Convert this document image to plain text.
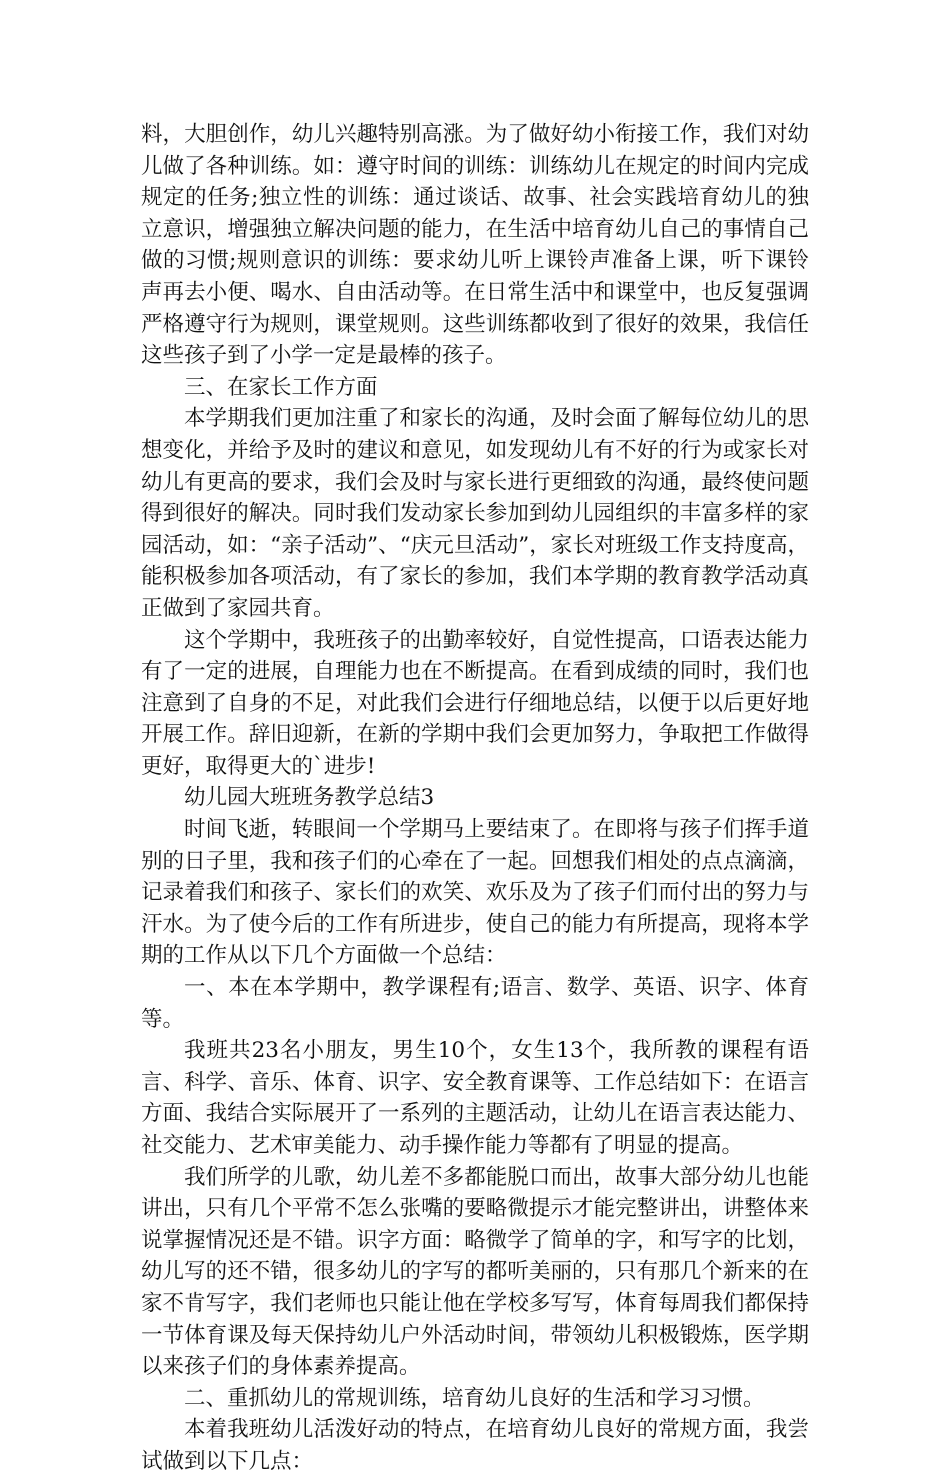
料，大胆创作，幼儿兴趣特别高涨。为了做好幼小衔接工作，我们对幼儿做了各种训练。如：遵守时间的训练：训练幼儿在规定的时间内完成规定的任务;独立性的训练：通过谈话、故事、社会实践培育幼儿的独立意识，增强独立解决问题的能力，在生活中培育幼儿自己的事情自己做的习惯;规则意识的训练：要求幼儿听上课铃声准备上课，听下课铃声再去小便、喝水、自由活动等。在日常生活中和课堂中，也反复强调严格遵守行为规则，课堂规则。这些训练都收到了很好的效果，我信任这些孩子到了小学一定是最棒的孩子。

三、在家长工作方面

本学期我们更加注重了和家长的沟通，及时会面了解每位幼儿的思想变化，并给予及时的建议和意见，如发现幼儿有不好的行为或家长对幼儿有更高的要求，我们会及时与家长进行更细致的沟通，最终使问题得到很好的解决。同时我们发动家长参加到幼儿园组织的丰富多样的家园活动，如：“亲子活动”、“庆元旦活动”，家长对班级工作支持度高，能积极参加各项活动，有了家长的参加，我们本学期的教育教学活动真正做到了家园共育。

这个学期中，我班孩子的出勤率较好，自觉性提高，口语表达能力有了一定的进展，自理能力也在不断提高。在看到成绩的同时，我们也注意到了自身的不足，对此我们会进行仔细地总结，以便于以后更好地开展工作。辞旧迎新，在新的学期中我们会更加努力，争取把工作做得更好，取得更大的`进步!

幼儿园大班班务教学总结3

时间飞逝，转眼间一个学期马上要结束了。在即将与孩子们挥手道别的日子里，我和孩子们的心牵在了一起。回想我们相处的点点滴滴，记录着我们和孩子、家长们的欢笑、欢乐及为了孩子们而付出的努力与汗水。为了使今后的工作有所进步，使自己的能力有所提高，现将本学期的工作从以下几个方面做一个总结：

一、本在本学期中，教学课程有;语言、数学、英语、识字、体育等。

我班共23名小朋友，男生10个，女生13个，我所教的课程有语言、科学、音乐、体育、识字、安全教育课等、工作总结如下：在语言方面、我结合实际展开了一系列的主题活动，让幼儿在语言表达能力、社交能力、艺术审美能力、动手操作能力等都有了明显的提高。

我们所学的儿歌，幼儿差不多都能脱口而出，故事大部分幼儿也能讲出，只有几个平常不怎么张嘴的要略微提示才能完整讲出，讲整体来说掌握情况还是不错。识字方面：略微学了简单的字，和写字的比划，幼儿写的还不错，很多幼儿的字写的都听美丽的，只有那几个新来的在家不肯写字，我们老师也只能让他在学校多写写，体育每周我们都保持一节体育课及每天保持幼儿户外活动时间，带领幼儿积极锻炼，医学期以来孩子们的身体素养提高。

二、重抓幼儿的常规训练，培育幼儿良好的生活和学习习惯。

本着我班幼儿活泼好动的特点，在培育幼儿良好的常规方面，我尝试做到以下几点：
